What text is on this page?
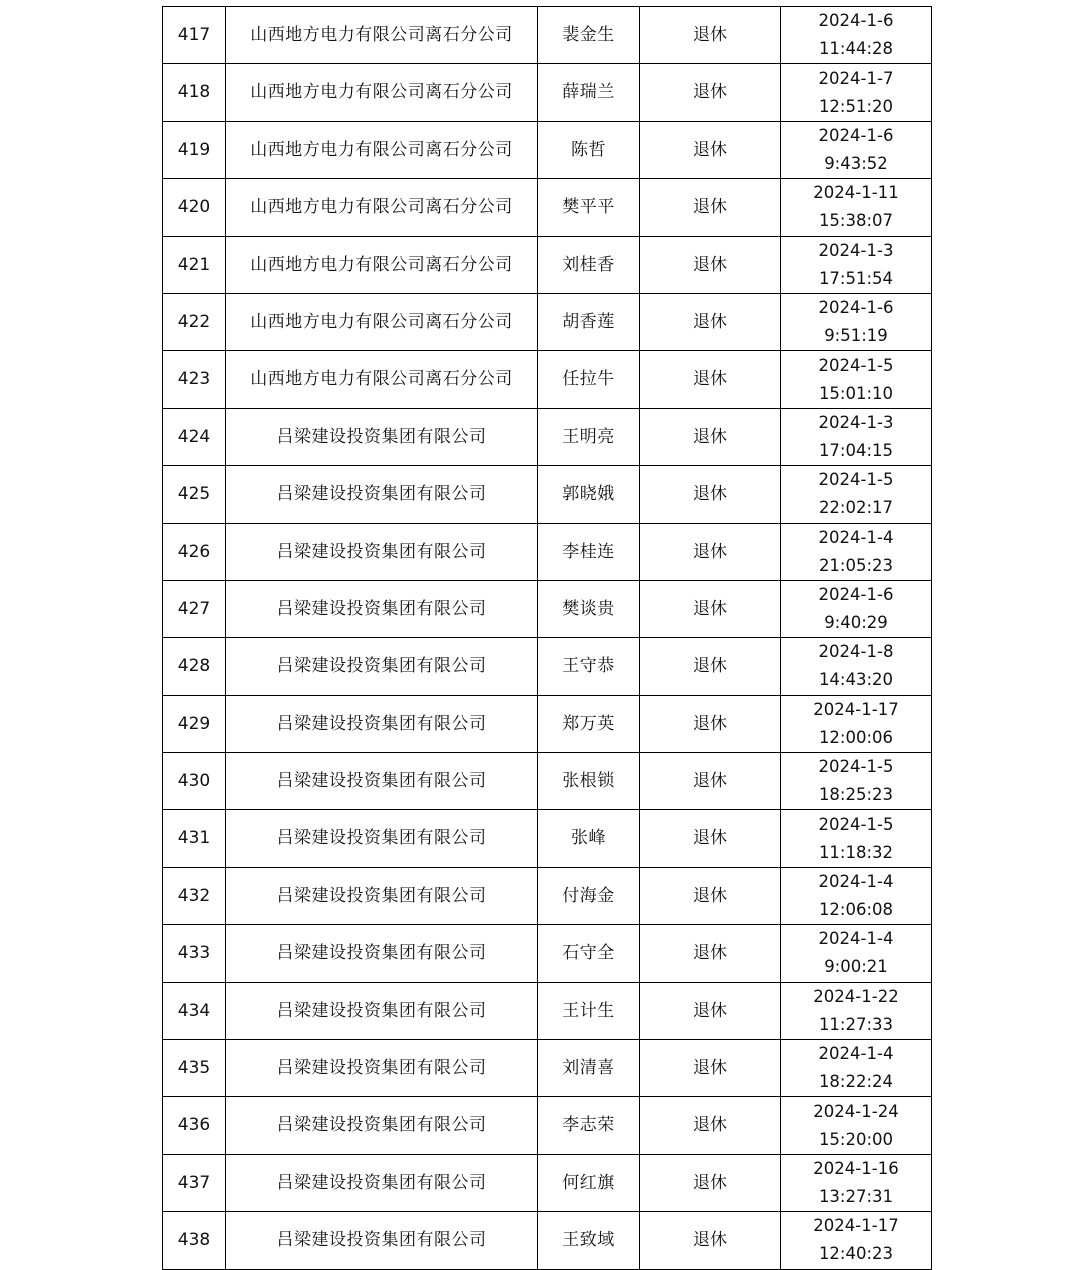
417	山西地方电力有限公司离石分公司	裴金生	退休	2024-1-6
11:44:28

418	山西地方电力有限公司离石分公司	薛瑞兰	退休	2024-1-7
12:51:20

419	山西地方电力有限公司离石分公司	陈哲	退休	2024-1-6
9:43:52

420	山西地方电力有限公司离石分公司	樊平平	退休	2024-1-11
15:38:07

421	山西地方电力有限公司离石分公司	刘桂香	退休	2024-1-3
17:51:54

422	山西地方电力有限公司离石分公司	胡香莲	退休	2024-1-6
9:51:19

423	山西地方电力有限公司离石分公司	任拉牛	退休	2024-1-5
15:01:10

424	吕梁建设投资集团有限公司	王明亮	退休	2024-1-3
17:04:15

425	吕梁建设投资集团有限公司	郭晓娥	退休	2024-1-5
22:02:17

426	吕梁建设投资集团有限公司	李桂连	退休	2024-1-4
21:05:23

427	吕梁建设投资集团有限公司	樊谈贵	退休	2024-1-6
9:40:29

428	吕梁建设投资集团有限公司	王守恭	退休	2024-1-8
14:43:20

429	吕梁建设投资集团有限公司	郑万英	退休	2024-1-17
12:00:06

430	吕梁建设投资集团有限公司	张根锁	退休	2024-1-5
18:25:23

431	吕梁建设投资集团有限公司	张峰	退休	2024-1-5
11:18:32

432	吕梁建设投资集团有限公司	付海金	退休	2024-1-4
12:06:08

433	吕梁建设投资集团有限公司	石守全	退休	2024-1-4
9:00:21

434	吕梁建设投资集团有限公司	王计生	退休	2024-1-22
11:27:33

435	吕梁建设投资集团有限公司	刘清喜	退休	2024-1-4
18:22:24

436	吕梁建设投资集团有限公司	李志荣	退休	2024-1-24
15:20:00

437	吕梁建设投资集团有限公司	何红旗	退休	2024-1-16
13:27:31

438	吕梁建设投资集团有限公司	王致域	退休	2024-1-17
12:40:23
